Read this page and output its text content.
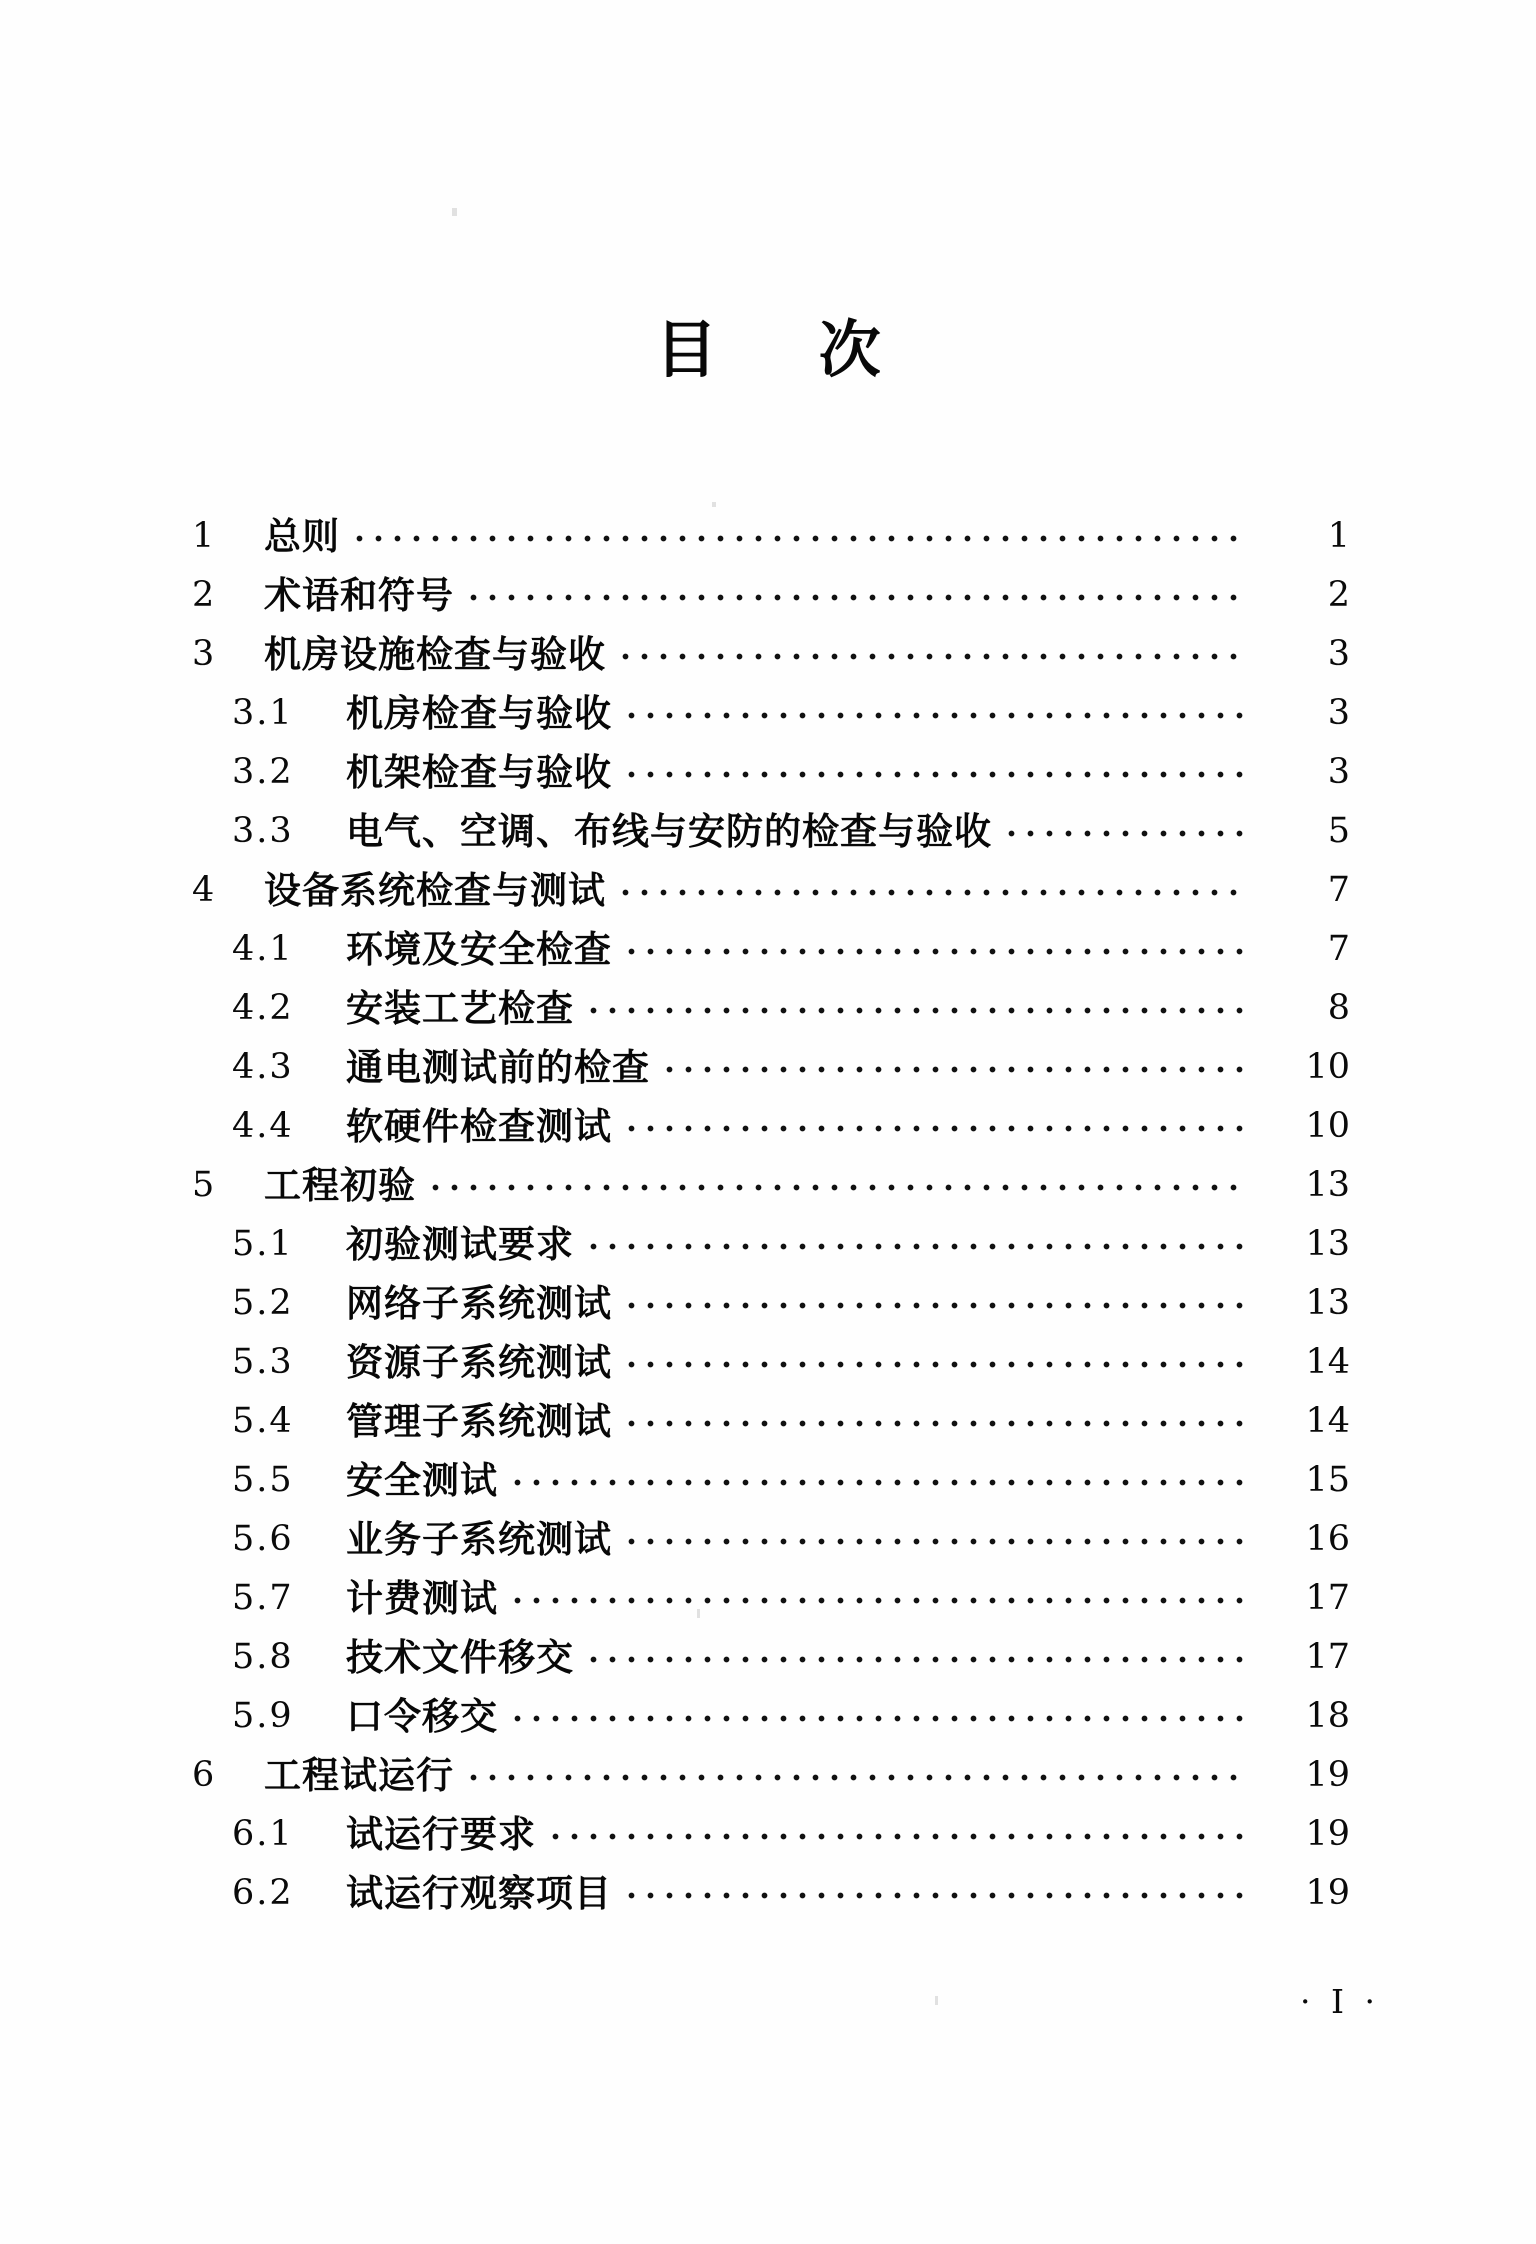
目 次
1	总则	1
2	术语和符号	2
3	机房设施检查与验收	3
3.1	机房检查与验收	3
3.2	机架检查与验收	3
3.3	电气、空调、布线与安防的检查与验收	5
4	设备系统检查与测试	7
4.1	环境及安全检查	7
4.2	安装工艺检查	8
4.3	通电测试前的检查	10
4.4	软硬件检查测试	10
5	工程初验	13
5.1	初验测试要求	13
5.2	网络子系统测试	13
5.3	资源子系统测试	14
5.4	管理子系统测试	14
5.5	安全测试	15
5.6	业务子系统测试	16
5.7	计费测试	17
5.8	技术文件移交	17
5.9	口令移交	18
6	工程试运行	19
6.1	试运行要求	19
6.2	试运行观察项目	19
· I ·
